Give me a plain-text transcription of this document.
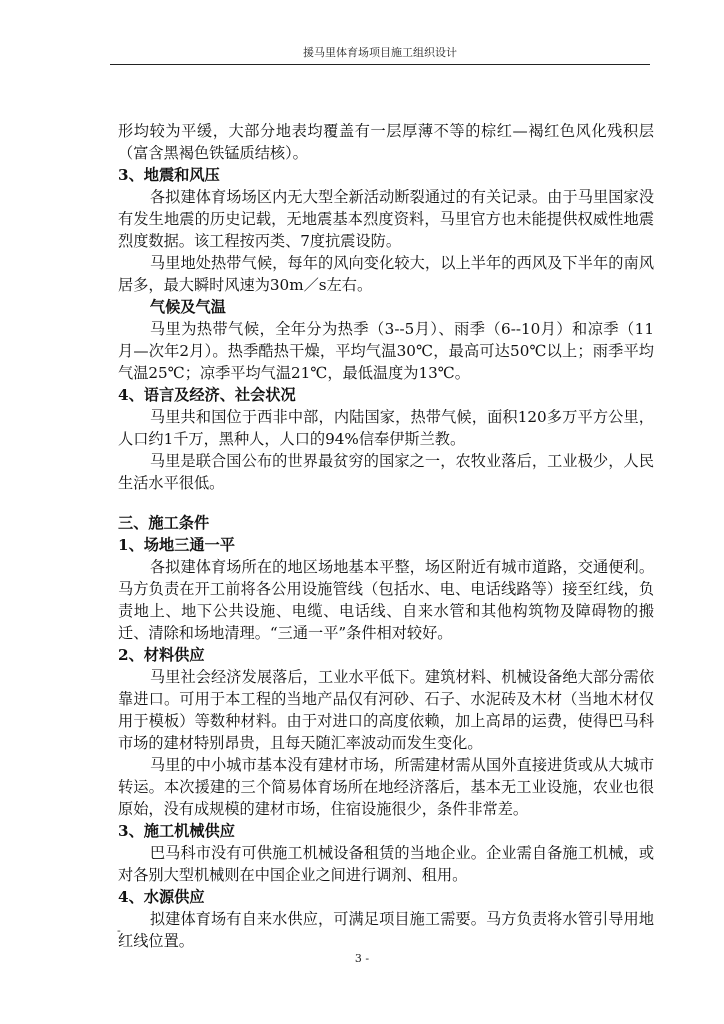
援马里体育场项目施工组织设计

形均较为平缓，大部分地表均覆盖有一层厚薄不等的棕红—褐红色风化残积层（富含黑褐色铁锰质结核）。

3、地震和风压

各拟建体育场场区内无大型全新活动断裂通过的有关记录。由于马里国家没有发生地震的历史记载，无地震基本烈度资料，马里官方也未能提供权威性地震烈度数据。该工程按丙类、7度抗震设防。

马里地处热带气候，每年的风向变化较大，以上半年的西风及下半年的南风居多，最大瞬时风速为30m／s左右。

气候及气温

马里为热带气候，全年分为热季（3--5月）、雨季（6--10月）和凉季（11月—次年2月）。热季酷热干燥，平均气温30℃，最高可达50℃以上；雨季平均气温25℃；凉季平均气温21℃，最低温度为13℃。

4、语言及经济、社会状况

马里共和国位于西非中部，内陆国家，热带气候，面积120多万平方公里，人口约1千万，黑种人，人口的94%信奉伊斯兰教。

马里是联合国公布的世界最贫穷的国家之一，农牧业落后，工业极少，人民生活水平很低。

三、施工条件

1、场地三通一平

各拟建体育场所在的地区场地基本平整，场区附近有城市道路，交通便利。马方负责在开工前将各公用设施管线（包括水、电、电话线路等）接至红线，负责地上、地下公共设施、电缆、电话线、自来水管和其他构筑物及障碍物的搬迁、清除和场地清理。“三通一平”条件相对较好。

2、材料供应

马里社会经济发展落后，工业水平低下。建筑材料、机械设备绝大部分需依靠进口。可用于本工程的当地产品仅有河砂、石子、水泥砖及木材（当地木材仅用于模板）等数种材料。由于对进口的高度依赖，加上高昂的运费，使得巴马科市场的建材特别昂贵，且每天随汇率波动而发生变化。

马里的中小城市基本没有建材市场，所需建材需从国外直接进货或从大城市转运。本次援建的三个简易体育场所在地经济落后，基本无工业设施，农业也很原始，没有成规模的建材市场，住宿设施很少，条件非常差。

3、施工机械供应

巴马科市没有可供施工机械设备租赁的当地企业。企业需自备施工机械，或对各别大型机械则在中国企业之间进行调剂、租用。

4、水源供应

拟建体育场有自来水供应，可满足项目施工需要。马方负责将水管引导用地红线位置。

-
3 -
